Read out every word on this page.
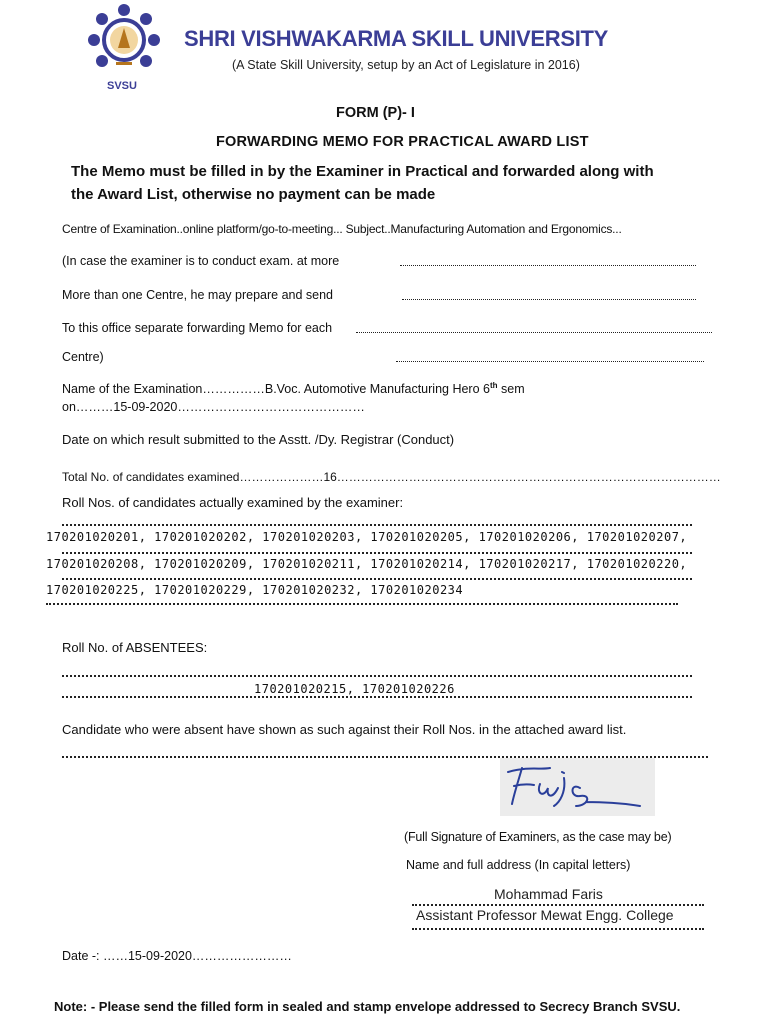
SVSU
SHRI VISHWAKARMA SKILL UNIVERSITY
(A State Skill University, setup by an Act of Legislature in 2016)
FORM (P)- I
FORWARDING MEMO FOR PRACTICAL AWARD LIST
The Memo must be filled in by the Examiner in Practical and forwarded along with
the Award List, otherwise no payment can be made
Centre of Examination..online platform/go-to-meeting... Subject..Manufacturing Automation and Ergonomics...
(In case the examiner is to conduct exam. at more
More than one Centre, he may prepare and send
To this office separate forwarding Memo for each
Centre)
Name of the Examination……………B.Voc. Automotive Manufacturing Hero 6th sem
on………15-09-2020………………………………………
Date on which result submitted to the Asstt. /Dy. Registrar (Conduct)
Total No. of candidates examined…………………16……………………………………………………………………………………
Roll Nos. of candidates actually examined by the examiner:
170201020201, 170201020202, 170201020203, 170201020205, 170201020206, 170201020207,
170201020208, 170201020209, 170201020211, 170201020214, 170201020217, 170201020220,
170201020225, 170201020229, 170201020232, 170201020234
Roll No. of ABSENTEES:
170201020215, 170201020226
Candidate who were absent have shown as such against their Roll Nos. in the attached award list.
(Full Signature of Examiners, as the case may be)
Name and full address (In capital letters)
Mohammad Faris
Assistant Professor Mewat Engg. College
Date -: ……15-09-2020……………………
Note: - Please send the filled form in sealed and stamp envelope addressed to Secrecy Branch SVSU.
